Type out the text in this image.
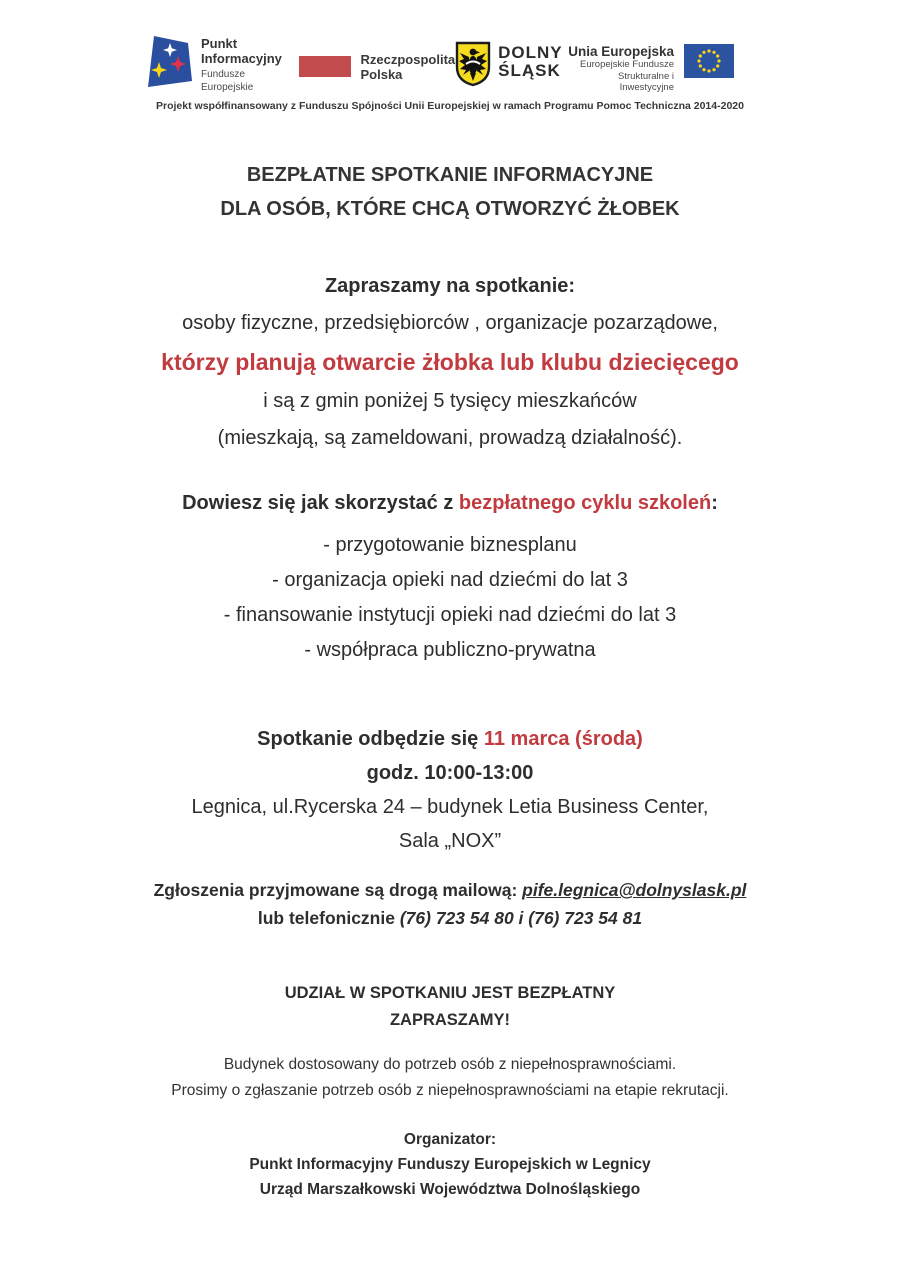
Punkt
Informacyjny
Fundusze Europejskie
Rzeczpospolita
Polska
DOLNY
ŚLĄSK
Unia Europejska
Europejskie Fundusze
Strukturalne i Inwestycyjne
Projekt współfinansowany z Funduszu Spójności Unii Europejskiej w ramach Programu Pomoc Techniczna 2014-2020
BEZPŁATNE SPOTKANIE INFORMACYJNE
DLA OSÓB, KTÓRE CHCĄ OTWORZYĆ ŻŁOBEK
Zapraszamy na spotkanie:
osoby fizyczne, przedsiębiorców , organizacje pozarządowe,
którzy planują otwarcie żłobka lub klubu dziecięcego
i są z gmin poniżej 5 tysięcy mieszkańców
(mieszkają, są zameldowani, prowadzą działalność).
Dowiesz się jak skorzystać z bezpłatnego cyklu szkoleń:
- przygotowanie biznesplanu
- organizacja opieki nad dziećmi do lat 3
- finansowanie instytucji opieki nad dziećmi do lat 3
- współpraca publiczno-prywatna
Spotkanie odbędzie się 11 marca (środa)
godz. 10:00-13:00
Legnica, ul.Rycerska 24 – budynek Letia Business Center,
Sala „NOX”
Zgłoszenia przyjmowane są drogą mailową: pife.legnica@dolnyslask.pl
lub telefonicznie (76) 723 54 80 i (76) 723 54 81
UDZIAŁ W SPOTKANIU JEST BEZPŁATNY
ZAPRASZAMY!
Budynek dostosowany do potrzeb osób z niepełnosprawnościami.
Prosimy o zgłaszanie potrzeb osób z niepełnosprawnościami na etapie rekrutacji.
Organizator:
Punkt Informacyjny Funduszy Europejskich w Legnicy
Urząd Marszałkowski Województwa Dolnośląskiego
